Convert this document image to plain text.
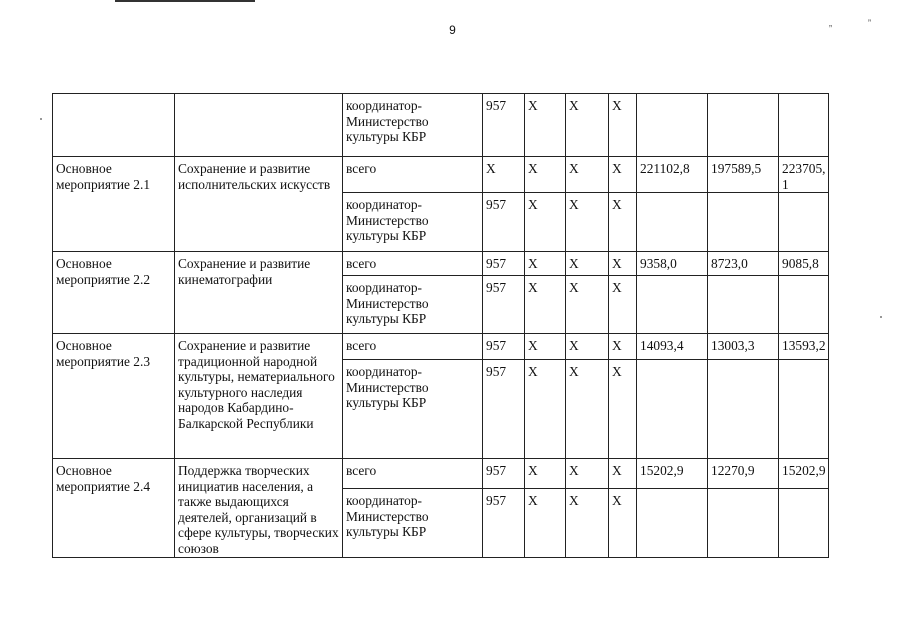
9	„	”
		координатор-Министерство культуры КБР	957	Х	Х	Х			
Основное мероприятие 2.1	Сохранение и развитие исполнительских искусств	всего	Х	Х	Х	Х	221102,8	197589,5	223705,1
		координатор-Министерство культуры КБР	957	Х	Х	Х			
Основное мероприятие 2.2	Сохранение и развитие кинематографии	всего	957	Х	Х	Х	9358,0	8723,0	9085,8
		координатор-Министерство культуры КБР	957	Х	Х	Х			
Основное мероприятие 2.3	Сохранение и развитие традиционной народной культуры, нематериального культурного наследия народов Кабардино-Балкарской Республики	всего	957	Х	Х	Х	14093,4	13003,3	13593,2
		координатор-Министерство культуры КБР	957	Х	Х	Х			
Основное мероприятие 2.4	Поддержка творческих инициатив населения, а также выдающихся деятелей, организаций в сфере культуры, творческих союзов	всего	957	Х	Х	Х	15202,9	12270,9	15202,9
		координатор-Министерство культуры КБР	957	Х	Х	Х			
